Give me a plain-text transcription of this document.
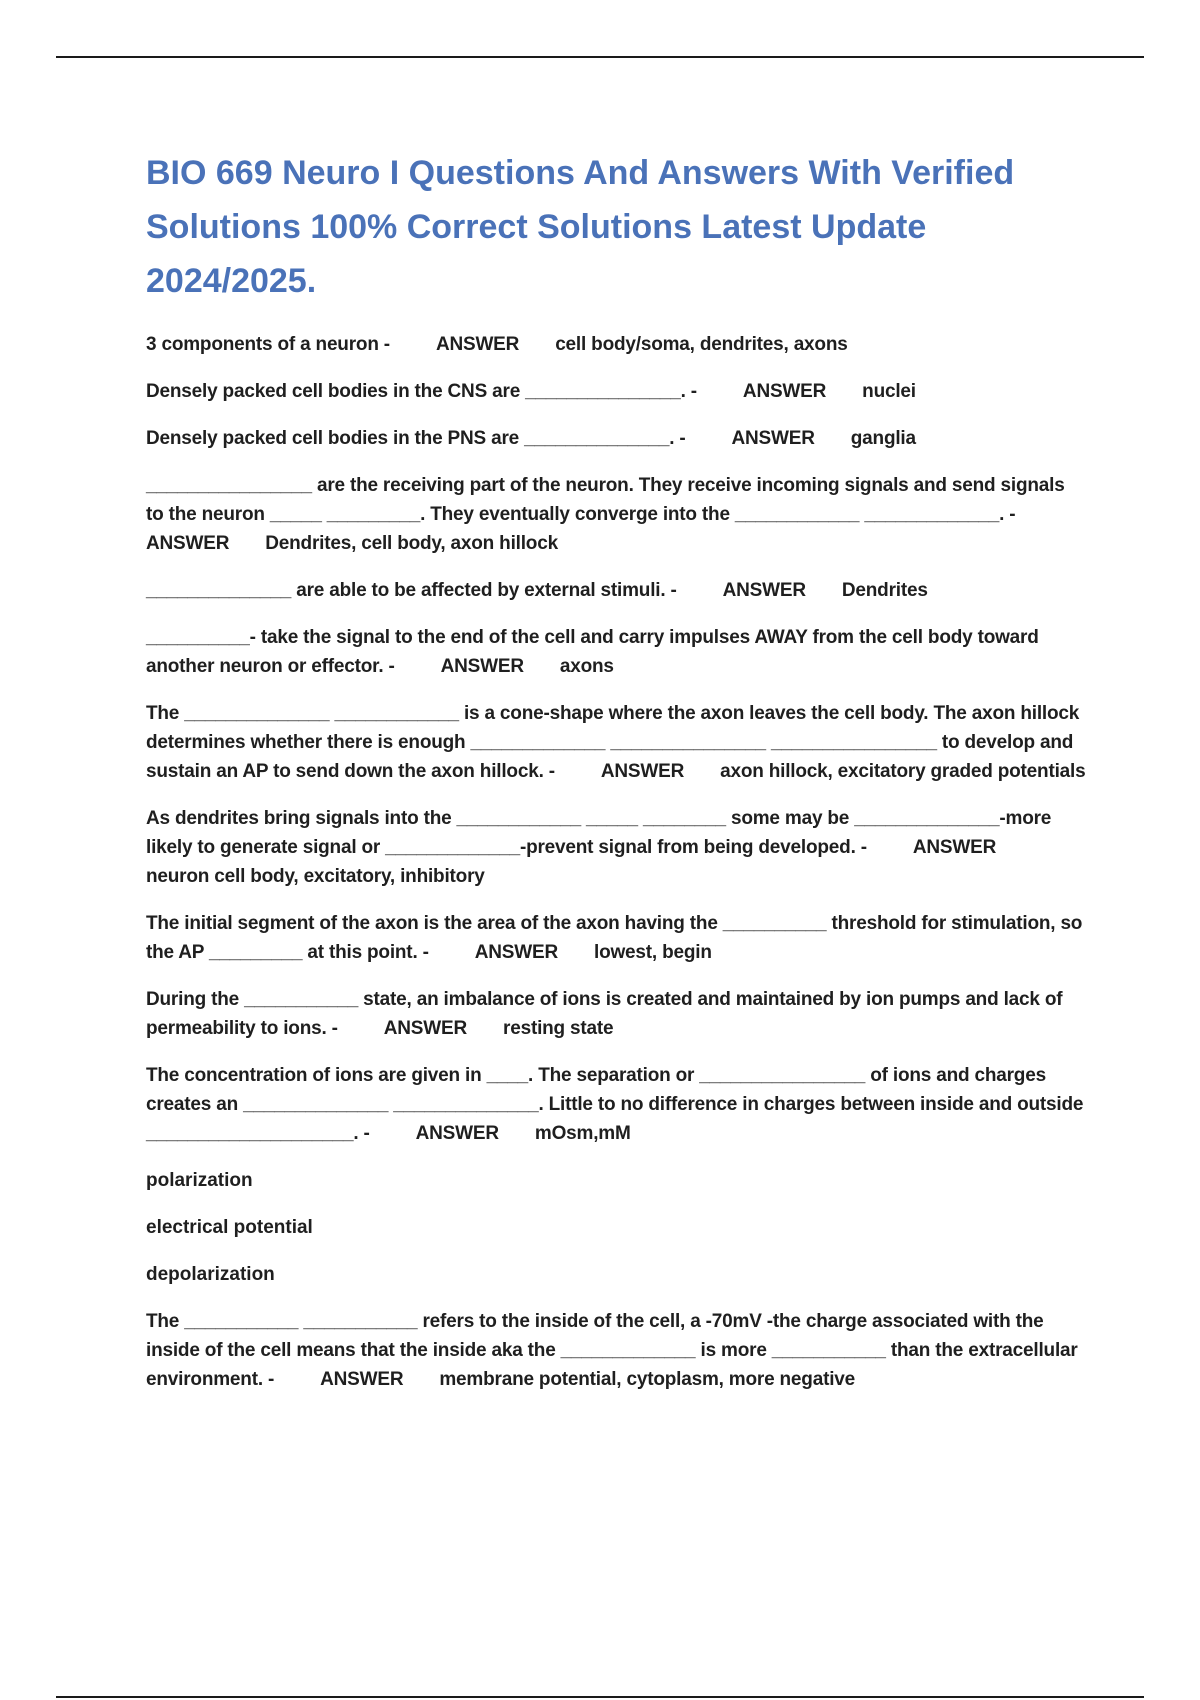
BIO 669 Neuro I Questions And Answers With Verified Solutions 100% Correct Solutions Latest Update 2024/2025.

3 components of a neuron - ANSWER cell body/soma, dendrites, axons

Densely packed cell bodies in the CNS are _______________. - ANSWER nuclei

Densely packed cell bodies in the PNS are ______________. - ANSWER ganglia

________________ are the receiving part of the neuron. They receive incoming signals and send signals to the neuron _____ _________. They eventually converge into the ____________ _____________. -
ANSWER Dendrites, cell body, axon hillock

______________ are able to be affected by external stimuli. - ANSWER Dendrites

__________- take the signal to the end of the cell and carry impulses AWAY from the cell body toward another neuron or effector. - ANSWER axons

The ______________ ____________ is a cone-shape where the axon leaves the cell body. The axon hillock determines whether there is enough _____________ _______________ ________________ to develop and sustain an AP to send down the axon hillock. - ANSWER axon hillock, excitatory graded potentials

As dendrites bring signals into the ____________ _____ ________ some may be ______________-more likely to generate signal or _____________-prevent signal from being developed. - ANSWERneuron cell body, excitatory, inhibitory

The initial segment of the axon is the area of the axon having the __________ threshold for stimulation, so the AP _________ at this point. - ANSWER lowest, begin

During the ___________ state, an imbalance of ions is created and maintained by ion pumps and lack of permeability to ions. - ANSWER resting state

The concentration of ions are given in ____. The separation or ________________ of ions and charges creates an ______________ ______________. Little to no difference in charges between inside and outside ____________________. - ANSWER mOsm,mM

polarization

electrical potential

depolarization

The ___________ ___________ refers to the inside of the cell, a -70mV -the charge associated with the inside of the cell means that the inside aka the _____________ is more ___________ than the extracellular environment. - ANSWER membrane potential, cytoplasm, more negative
